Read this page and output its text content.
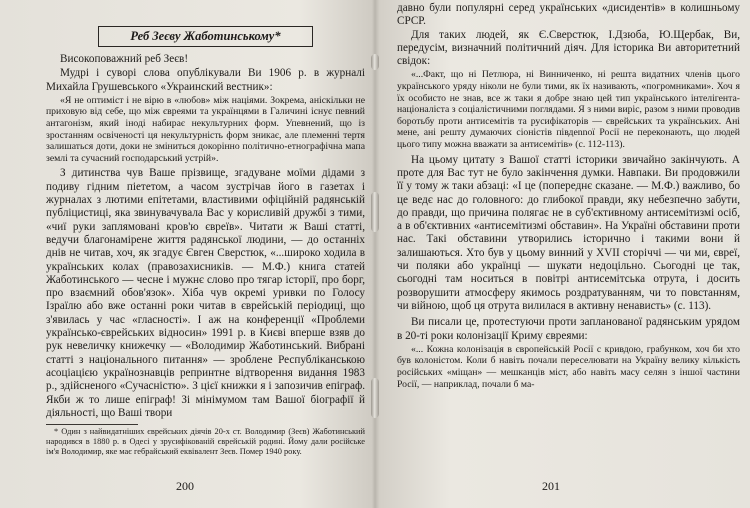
Реб Зеєву Жаботинському*

Високоповажний реб Зеєв!

Мудрі і суворі слова опублікували Ви 1906 р. в журналі Михайла Грушевського «Украинский вестник»:

«Я не оптиміст і не вірю в «любов» між націями. Зокрема, аніскільки не приховую від себе, що між євреями та українцями в Галичині існує певний антагонізм, який іноді набирає некультурних форм. Упевнений, що із зростанням освіченості ця некультурність форм зникає, але племенні тертя залишаться доти, доки не зміниться докорінно політично-етнографічна мапа землі та сучасний господарський устрій».

З дитинства чув Ваше прізвище, згадуване моїми дідами з подиву гідним піететом, а часом зустрічав його в газетах і журналах з лютими епітетами, властивими офіційній радянській публіцистиці, яка звинувачувала Вас у корисливій дружбі з тими, «чиї руки заплямовані кров'ю євреїв». Читати ж Ваші статті, ведучи благонамірене життя радянської людини, — до останніх днів не читав, хоч, як згадує Євген Сверстюк, «...широко ходила в українських колах (правозахисників. — М.Ф.) книга статей Жаботинського — чесне і мужнє слово про тягар історії, про борг, про взаємний обов'язок». Хіба чув окремі уривки по Голосу Ізраїлю або вже останні роки читав в єврейській періодиці, що з'явилась у час «гласності». І аж на конференції «Проблеми українсько-єврейських відносин» 1991 р. в Києві вперше взяв до рук невеличку книжечку — «Володимир Жаботинський. Вибрані статті з національного питання» — зроблене Республіканською асоціацією українознавців репринтне відтворення видання 1983 р., здійсненого «Сучасністю». З цієї книжки я і запозичив епіграф. Якби ж то лише епіграф! Зі мінімумом там Вашої біографії й діяльності, що Ваші твори

* Один з найвидатніших єврейських діячів 20-х ст. Володимир (Зеєв) Жаботинський народився в 1880 р. в Одесі у зрусифікованій єврейській родині. Йому дали російське ім'я Володимир, яке має гебрайський еквівалент Зеєв. Помер 1940 року.

200

давно були популярні серед українських «дисидентів» в колишньому СРСР.

Для таких людей, як Є.Сверстюк, І.Дзюба, Ю.Щербак, Ви, передусім, визначний політичний діяч. Для історика Ви авторитетний свідок:

«...Факт, що ні Петлюра, ні Винниченко, ні решта видатних членів цього українського уряду ніколи не були тими, як їх називають, «погромниками». Хоч я їх особисто не знав, все ж таки я добре знаю цей тип українського інтелігента-націоналіста з соціалістичними поглядами. Я з ними виріс, разом з ними проводив боротьбу проти антисемітів та русифікаторів — єврейських та українських. Ані мене, ані решту думаючих сіоністів півдennoї Росії не переконають, що людей цього типу можна вважати за антисемітів» (с. 112-113).

На цьому цитату з Вашої статті історики звичайно закінчують. А проте для Вас тут не було закінчення думки. Навпаки. Ви продовжили її у тому ж таки абзаці: «І це (попереднє сказане. — М.Ф.) важливо, бо це ведє нас до головного: до глибокої правди, яку небезпечно забути, до правди, що причина полягає не в суб'єктивному антисемітизмі осіб, а в об'єктивних «антисемітизмі обставин». На Україні обставини проти нас. Такі обставини утворились історично і такими вони й залишаються. Хто був у цьому винний у XVII сторіччі — чи ми, євреї, чи поляки або українці — шукати недоцільно. Сьогодні це так, сьогодні там носиться в повітрі антисемітська отрута, і досить розворушити атмосферу якимось роздратуванням, чи то повстанням, чи війною, щоб ця отрута вилилася в активну ненависть» (с. 113).

Ви писали це, протестуючи проти запланованої радянським урядом в 20-ті роки колонізації Криму євреями:

«... Кожна колонізація в європейській Росії с кривдою, грабунком, хоч би хто був колоністом. Коли б навіть почали переселювати на Україну велику кількість російських «міщан» — мешканців міст, або навіть масу селян з іншої частини Росії, — наприклад, почали б ма-

201
